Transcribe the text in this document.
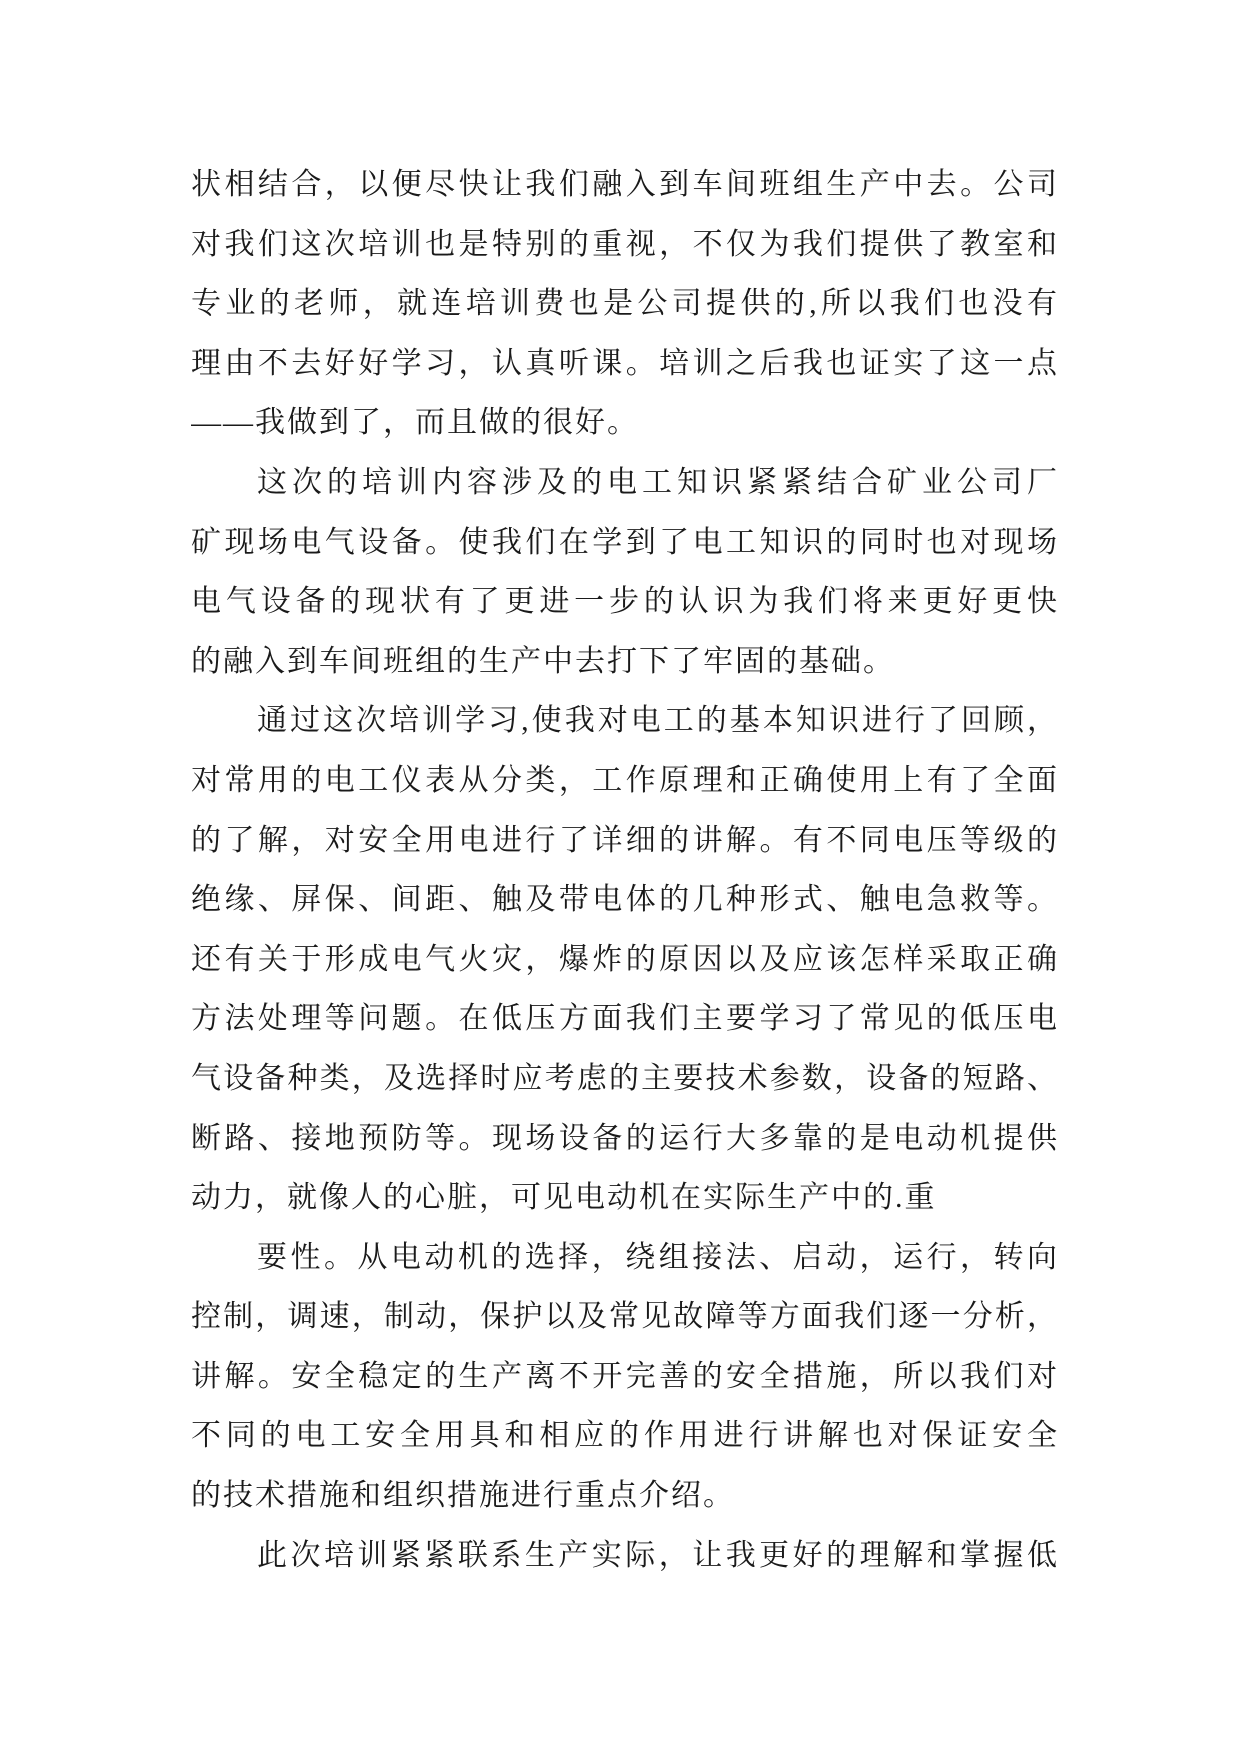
状相结合，以便尽快让我们融入到车间班组生产中去。公司
对我们这次培训也是特别的重视，不仅为我们提供了教室和
专业的老师，就连培训费也是公司提供的,所以我们也没有
理由不去好好学习，认真听课。培训之后我也证实了这一点
——我做到了，而且做的很好。
这次的培训内容涉及的电工知识紧紧结合矿业公司厂
矿现场电气设备。使我们在学到了电工知识的同时也对现场
电气设备的现状有了更进一步的认识为我们将来更好更快
的融入到车间班组的生产中去打下了牢固的基础。
通过这次培训学习,使我对电工的基本知识进行了回顾，
对常用的电工仪表从分类，工作原理和正确使用上有了全面
的了解，对安全用电进行了详细的讲解。有不同电压等级的
绝缘、屏保、间距、触及带电体的几种形式、触电急救等。
还有关于形成电气火灾，爆炸的原因以及应该怎样采取正确
方法处理等问题。在低压方面我们主要学习了常见的低压电
气设备种类，及选择时应考虑的主要技术参数，设备的短路、
断路、接地预防等。现场设备的运行大多靠的是电动机提供
动力，就像人的心脏，可见电动机在实际生产中的.重
要性。从电动机的选择，绕组接法、启动，运行，转向
控制，调速，制动，保护以及常见故障等方面我们逐一分析，
讲解。安全稳定的生产离不开完善的安全措施，所以我们对
不同的电工安全用具和相应的作用进行讲解也对保证安全
的技术措施和组织措施进行重点介绍。
此次培训紧紧联系生产实际，让我更好的理解和掌握低
